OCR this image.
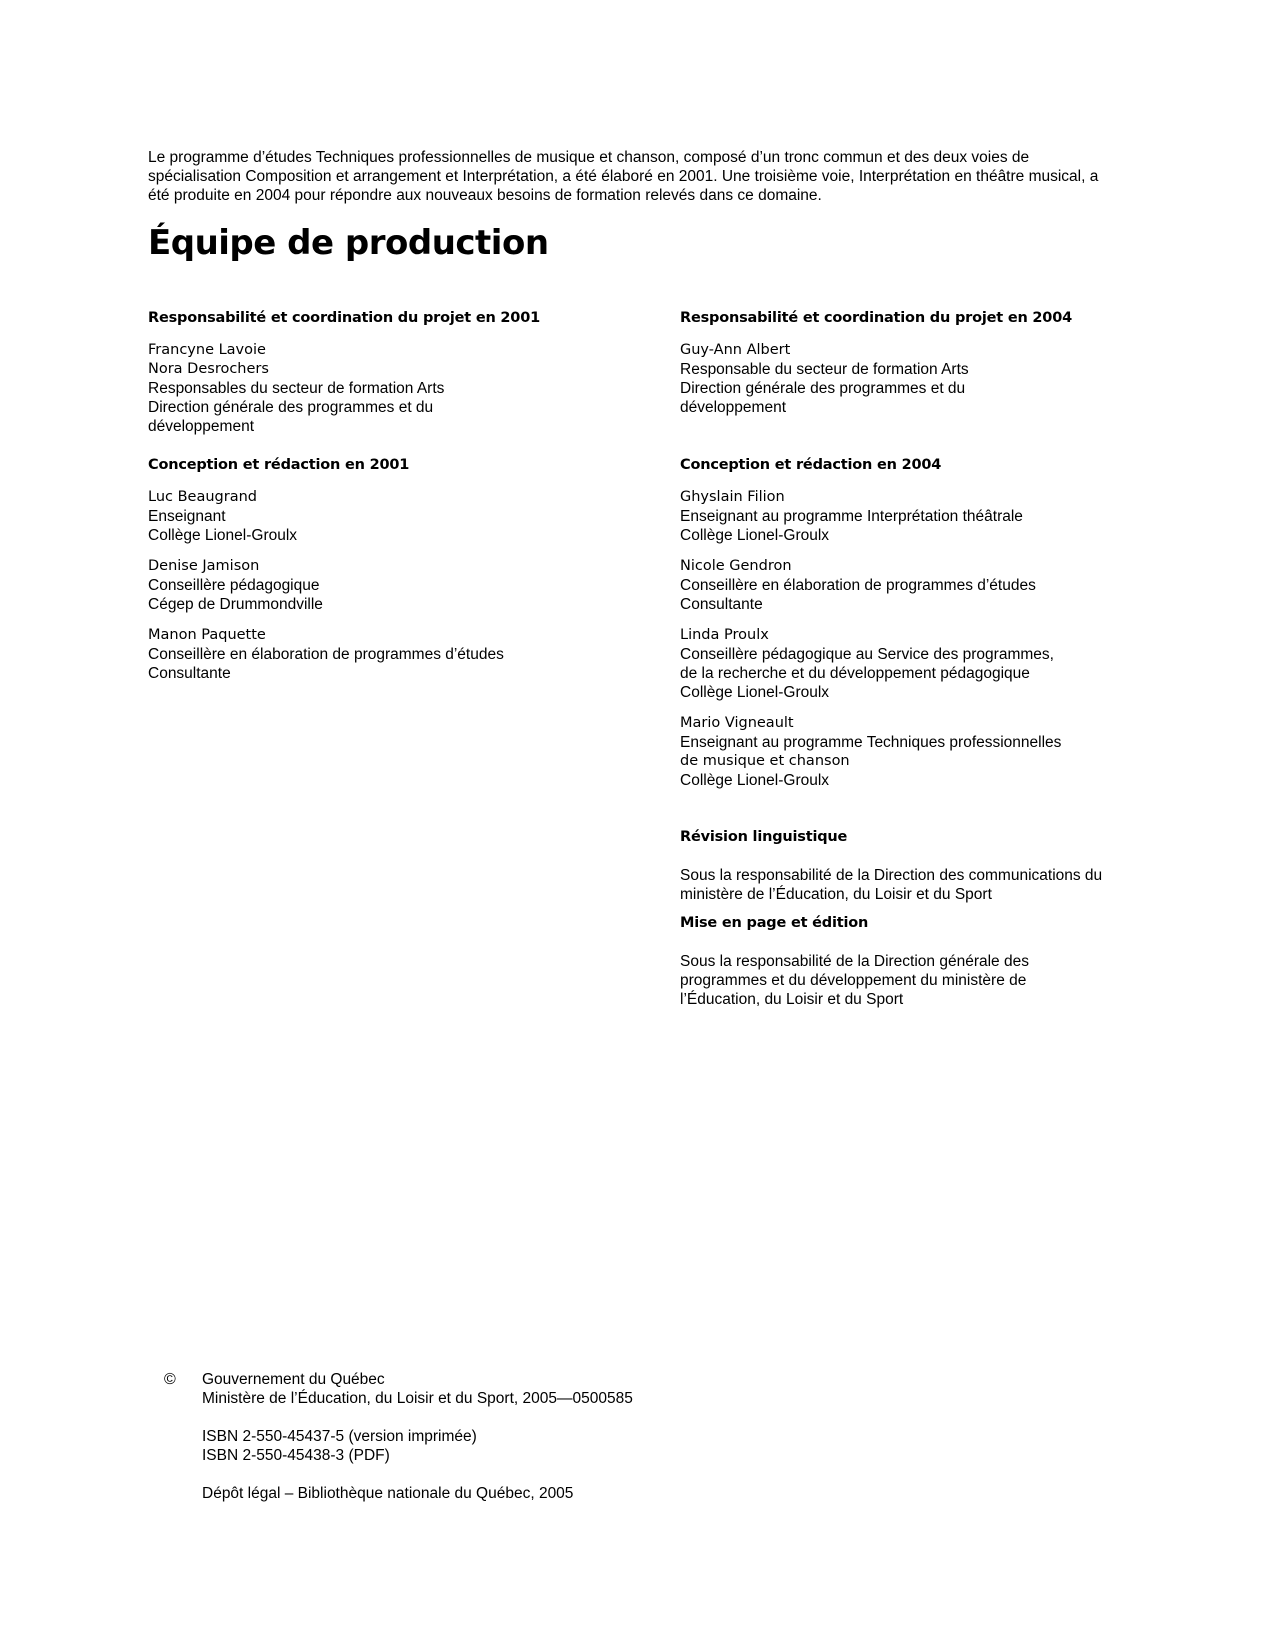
Le programme d’études Techniques professionnelles de musique et chanson, composé d’un tronc commun et des deux voies de spécialisation Composition et arrangement et Interprétation, a été élaboré en 2001. Une troisième voie, Interprétation en théâtre musical, a été produite en 2004 pour répondre aux nouveaux besoins de formation relevés dans ce domaine.

Équipe de production
Responsabilité et coordination du projet en 2001
Francyne Lavoie
Nora Desrochers
Responsables du secteur de formation Arts
Direction générale des programmes et du
développement
Conception et rédaction en 2001
Luc Beaugrand
Enseignant
Collège Lionel-Groulx
Denise Jamison
Conseillère pédagogique
Cégep de Drummondville
Manon Paquette
Conseillère en élaboration de programmes d’études
Consultante
Responsabilité et coordination du projet en 2004
Guy-Ann Albert
Responsable du secteur de formation Arts
Direction générale des programmes et du
développement
Conception et rédaction en 2004
Ghyslain Filion
Enseignant au programme Interprétation théâtrale
Collège Lionel-Groulx
Nicole Gendron
Conseillère en élaboration de programmes d’études
Consultante
Linda Proulx
Conseillère pédagogique au Service des programmes,
de la recherche et du développement pédagogique
Collège Lionel-Groulx
Mario Vigneault
Enseignant au programme Techniques professionnelles
de musique et chanson
Collège Lionel-Groulx
Révision linguistique
Sous la responsabilité de la Direction des communications du ministère de l’Éducation, du Loisir et du Sport
Mise en page et édition
Sous la responsabilité de la Direction générale des programmes et du développement du ministère de l’Éducation, du Loisir et du Sport
© Gouvernement du Québec
Ministère de l’Éducation, du Loisir et du Sport, 2005—0500585
ISBN 2-550-45437-5 (version imprimée)
ISBN 2-550-45438-3 (PDF)
Dépôt légal – Bibliothèque nationale du Québec, 2005
